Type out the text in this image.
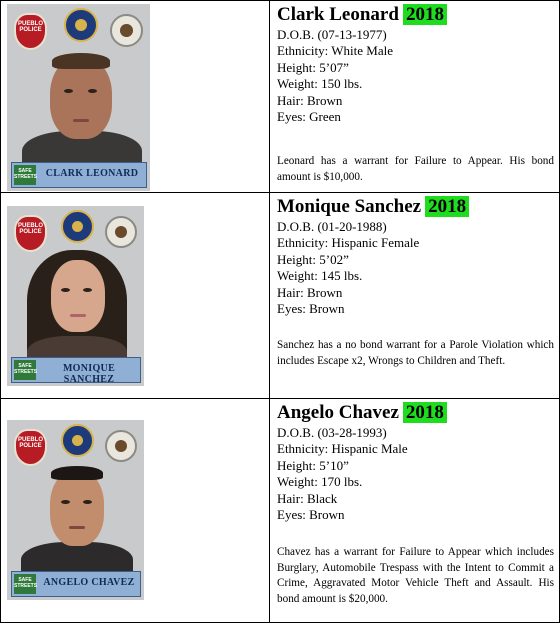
PUEBLO POLICE
SAFE STREETS CLARK LEONARD
Clark Leonard 2018
D.O.B. (07-13-1977)
Ethnicity: White Male
Height: 5’07”
Weight: 150 lbs.
Hair: Brown
Eyes: Green
Leonard has a warrant for Failure to Appear. His bond amount is $10,000.
PUEBLO POLICE
SAFE STREETS	MONIQUE SANCHEZ
Monique Sanchez 2018
D.O.B. (01-20-1988)
Ethnicity: Hispanic Female
Height: 5’02”
Weight: 145 lbs.
Hair: Brown
Eyes: Brown
Sanchez has a no bond warrant for a Parole Violation which includes Escape x2, Wrongs to Children and Theft.
PUEBLO POLICE
SAFE STREETS ANGELO CHAVEZ
Angelo Chavez 2018
D.O.B. (03-28-1993)
Ethnicity: Hispanic Male
Height: 5’10”
Weight: 170 lbs.
Hair: Black
Eyes: Brown
Chavez has a warrant for Failure to Appear which includes Burglary, Automobile Trespass with the Intent to Commit a Crime, Aggravated Motor Vehicle Theft and Assault. His bond amount is $20,000.
